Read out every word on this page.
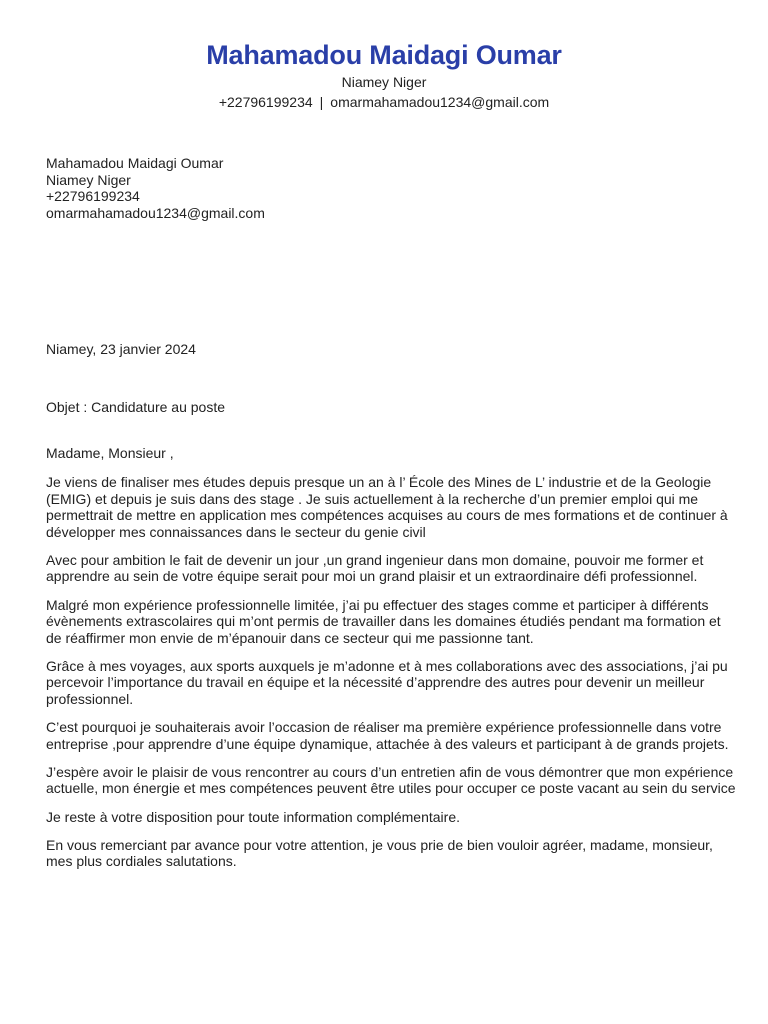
Mahamadou Maidagi Oumar
Niamey Niger
+22796199234 | omarmahamadou1234@gmail.com
Mahamadou Maidagi Oumar
Niamey Niger
+22796199234
omarmahamadou1234@gmail.com
Niamey, 23 janvier 2024
Objet : Candidature au poste
Madame, Monsieur ,

Je viens de finaliser mes études depuis presque un an à l’ École des Mines de L’ industrie et de la Geologie (EMIG) et depuis je suis dans des stage . Je suis actuellement à la recherche d’un premier emploi qui me permettrait de mettre en application mes compétences acquises au cours de mes formations et de continuer à développer mes connaissances dans le secteur du genie civil

Avec pour ambition le fait de devenir un jour ,un grand ingenieur dans mon domaine, pouvoir me former et apprendre au sein de votre équipe serait pour moi un grand plaisir et un extraordinaire défi professionnel.

Malgré mon expérience professionnelle limitée, j’ai pu effectuer des stages comme et participer à différents évènements extrascolaires qui m’ont permis de travailler dans les domaines étudiés pendant ma formation et de réaffirmer mon envie de m’épanouir dans ce secteur qui me passionne tant.

Grâce à mes voyages, aux sports auxquels je m’adonne et à mes collaborations avec des associations, j’ai pu percevoir l’importance du travail en équipe et la nécessité d’apprendre des autres pour devenir un meilleur professionnel.

C’est pourquoi je souhaiterais avoir l’occasion de réaliser ma première expérience professionnelle dans votre entreprise ,pour apprendre d’une équipe dynamique, attachée à des valeurs et participant à de grands projets.

J’espère avoir le plaisir de vous rencontrer au cours d’un entretien afin de vous démontrer que mon expérience actuelle, mon énergie et mes compétences peuvent être utiles pour occuper ce poste vacant au sein du service

Je reste à votre disposition pour toute information complémentaire.

En vous remerciant par avance pour votre attention, je vous prie de bien vouloir agréer, madame, monsieur, mes plus cordiales salutations.
